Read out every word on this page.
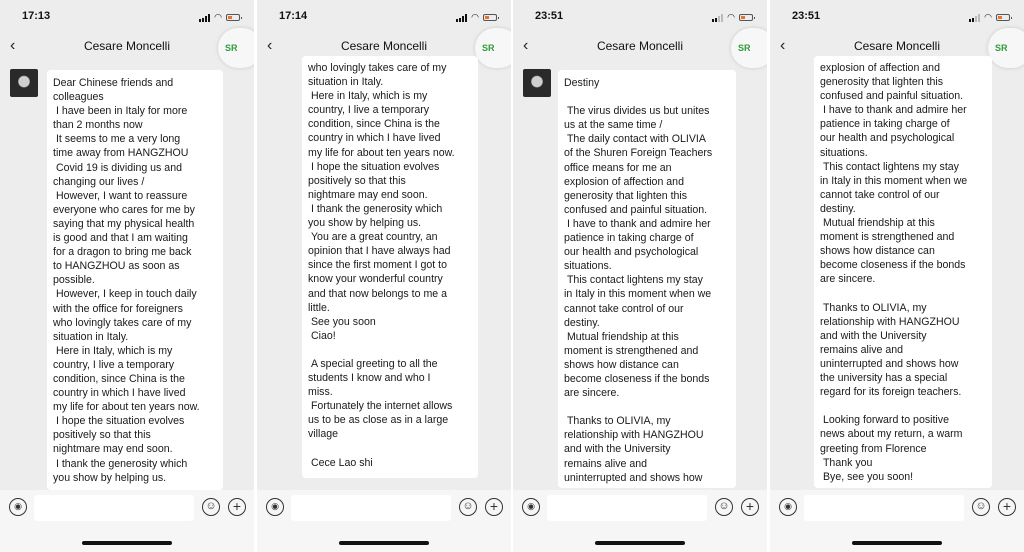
17:13	◠
‹	Cesare Moncelli	SR
Dear Chinese friends and
colleagues
I have been in Italy for more
than 2 months now
It seems to me a very long
time away from HANGZHOU
Covid 19 is dividing us and
changing our lives /
However, I want to reassure
everyone who cares for me by
saying that my physical health
is good and that I am waiting
for a dragon to bring me back
to HANGZHOU as soon as
possible.
However, I keep in touch daily
with the office for foreigners
who lovingly takes care of my
situation in Italy.
Here in Italy, which is my
country, I live a temporary
condition, since China is the
country in which I have lived
my life for about ten years now.
I hope the situation evolves
positively so that this
nightmare may end soon.
I thank the generosity which
you show by helping us.
◉	☺	+
17:14	◠
‹	Cesare Moncelli	SR
who lovingly takes care of my
situation in Italy.
Here in Italy, which is my
country, I live a temporary
condition, since China is the
country in which I have lived
my life for about ten years now.
I hope the situation evolves
positively so that this
nightmare may end soon.
I thank the generosity which
you show by helping us.
You are a great country, an
opinion that I have always had
since the first moment I got to
know your wonderful country
and that now belongs to me a
little.
See you soon
Ciao!

A special greeting to all the
students I know and who I
miss.
Fortunately the internet allows
us to be as close as in a large
village

Cece Lao shi
◉	☺	+
23:51	◠
‹	Cesare Moncelli	SR
Destiny

The virus divides us but unites
us at the same time /
The daily contact with OLIVIA
of the Shuren Foreign Teachers
office means for me an
explosion of affection and
generosity that lighten this
confused and painful situation.
I have to thank and admire her
patience in taking charge of
our health and psychological
situations.
This contact lightens my stay
in Italy in this moment when we
cannot take control of our
destiny.
Mutual friendship at this
moment is strengthened and
shows how distance can
become closeness if the bonds
are sincere.

Thanks to OLIVIA, my
relationship with HANGZHOU
and with the University
remains alive and
uninterrupted and shows how
◉	☺	+
23:51	◠
‹	Cesare Moncelli	SR
explosion of affection and
generosity that lighten this
confused and painful situation.
I have to thank and admire her
patience in taking charge of
our health and psychological
situations.
This contact lightens my stay
in Italy in this moment when we
cannot take control of our
destiny.
Mutual friendship at this
moment is strengthened and
shows how distance can
become closeness if the bonds
are sincere.

Thanks to OLIVIA, my
relationship with HANGZHOU
and with the University
remains alive and
uninterrupted and shows how
the university has a special
regard for its foreign teachers.

Looking forward to positive
news about my return, a warm
greeting from Florence
Thank you
Bye, see you soon!
◉	☺	+
